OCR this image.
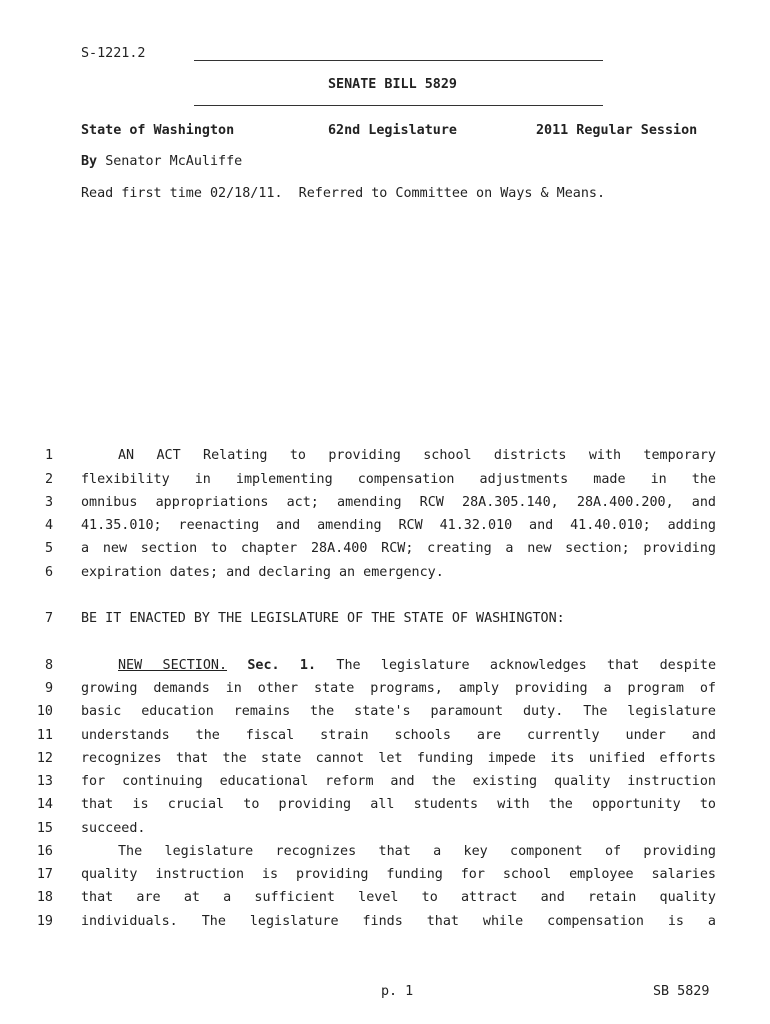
S-1221.2
SENATE BILL 5829
State of Washington	62nd Legislature	2011 Regular Session
By Senator McAuliffe
Read first time 02/18/11.  Referred to Committee on Ways & Means.
1
2
3
4
5
6
7
8
9
10
11
12
13
14
15
16
17
18
19
AN ACT Relating to providing school districts with temporary
flexibility in implementing compensation adjustments made in the
omnibus appropriations act; amending RCW 28A.305.140, 28A.400.200, and
41.35.010; reenacting and amending RCW 41.32.010 and 41.40.010; adding
a new section to chapter 28A.400 RCW; creating a new section; providing
expiration dates; and declaring an emergency.
BE IT ENACTED BY THE LEGISLATURE OF THE STATE OF WASHINGTON:
NEW SECTION. Sec. 1. The legislature acknowledges that despite
growing demands in other state programs, amply providing a program of
basic education remains the state's paramount duty. The legislature
understands the fiscal strain schools are currently under and
recognizes that the state cannot let funding impede its unified efforts
for continuing educational reform and the existing quality instruction
that is crucial to providing all students with the opportunity to
succeed.
The legislature recognizes that a key component of providing
quality instruction is providing funding for school employee salaries
that are at a sufficient level to attract and retain quality
individuals. The legislature finds that while compensation is a
p. 1	SB 5829
